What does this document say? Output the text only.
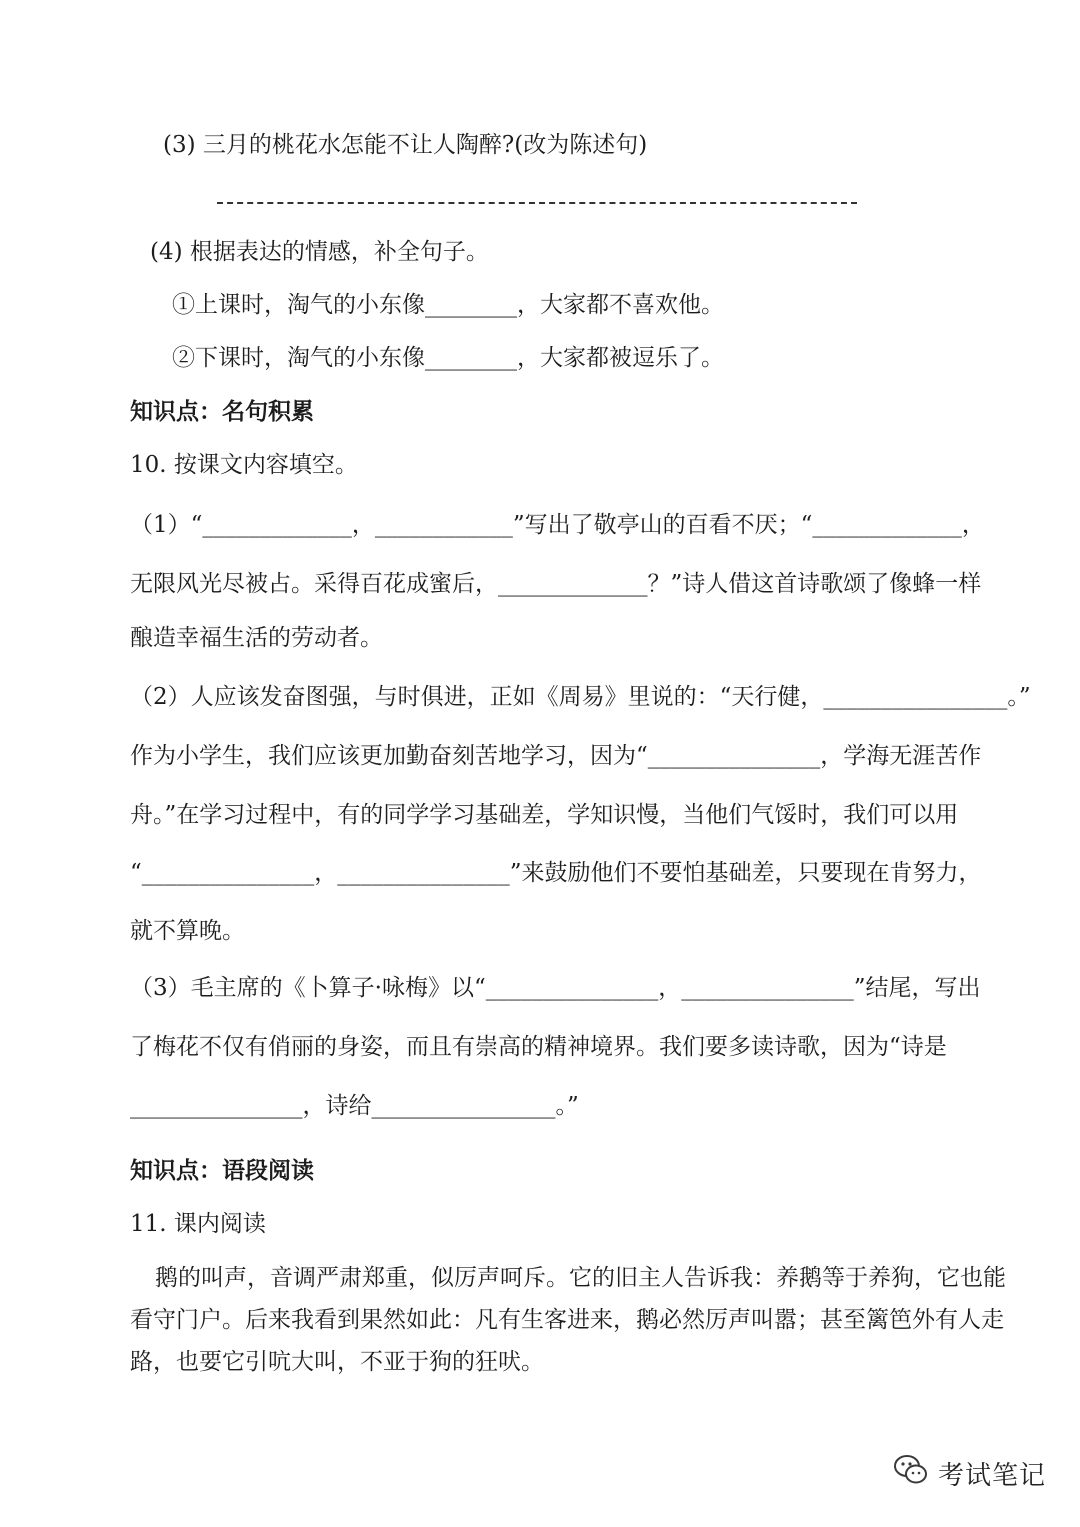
(3) 三月的桃花水怎能不让人陶醉?(改为陈述句)
(4) 根据表达的情感，补全句子。
①上课时，淘气的小东像________，大家都不喜欢他。
②下课时，淘气的小东像________，大家都被逗乐了。
知识点：名句积累
10. 按课文内容填空。
（1）“_____________，____________”写出了敬亭山的百看不厌；“_____________，
无限风光尽被占。采得百花成蜜后，_____________？”诗人借这首诗歌颂了像蜂一样
酿造幸福生活的劳动者。
（2）人应该发奋图强，与时俱进，正如《周易》里说的：“天行健，________________。”
作为小学生，我们应该更加勤奋刻苦地学习，因为“_______________，学海无涯苦作
舟。”在学习过程中，有的同学学习基础差，学知识慢，当他们气馁时，我们可以用
“_______________，_______________”来鼓励他们不要怕基础差，只要现在肯努力，
就不算晚。
（3）毛主席的《卜算子·咏梅》以“_______________，_______________”结尾，写出
了梅花不仅有俏丽的身姿，而且有崇高的精神境界。我们要多读诗歌，因为“诗是
_______________，诗给________________。”
知识点：语段阅读
11. 课内阅读
鹅的叫声，音调严肃郑重，似厉声呵斥。它的旧主人告诉我：养鹅等于养狗，它也能
看守门户。后来我看到果然如此：凡有生客进来，鹅必然厉声叫嚣；甚至篱笆外有人走
路，也要它引吭大叫，不亚于狗的狂吠。
考试笔记
